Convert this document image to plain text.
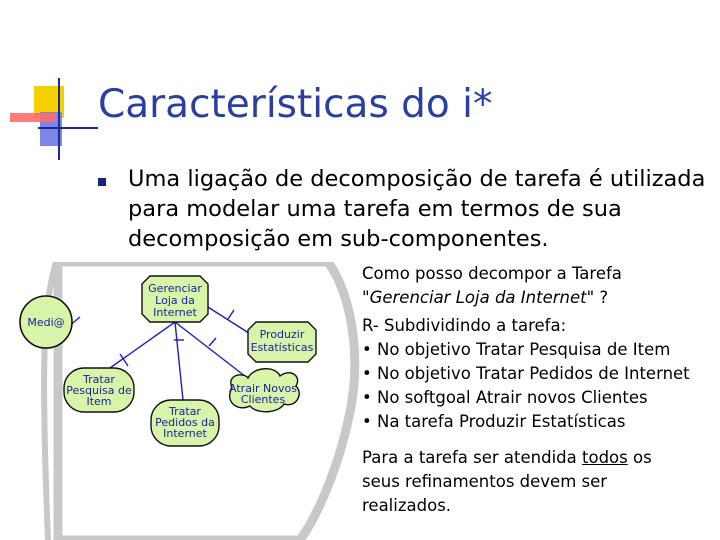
Características do i*
Uma ligação de decomposição de tarefa é utilizada para modelar uma tarefa em termos de sua decomposição em sub-componentes.
Medi@
Gerenciar
Loja da
Internet
Produzir
Estatísticas
Tratar
Pesquisa de
Item
Tratar
Pedidos da
Internet
Atrair Novos
Clientes
Como posso decompor a Tarefa
"Gerenciar Loja da Internet" ?
R- Subdividindo a tarefa:
• No objetivo Tratar Pesquisa de Item
• No objetivo Tratar Pedidos de Internet
• No softgoal Atrair novos Clientes
• Na tarefa Produzir Estatísticas
Para a tarefa ser atendida todos os seus refinamentos devem ser realizados.
